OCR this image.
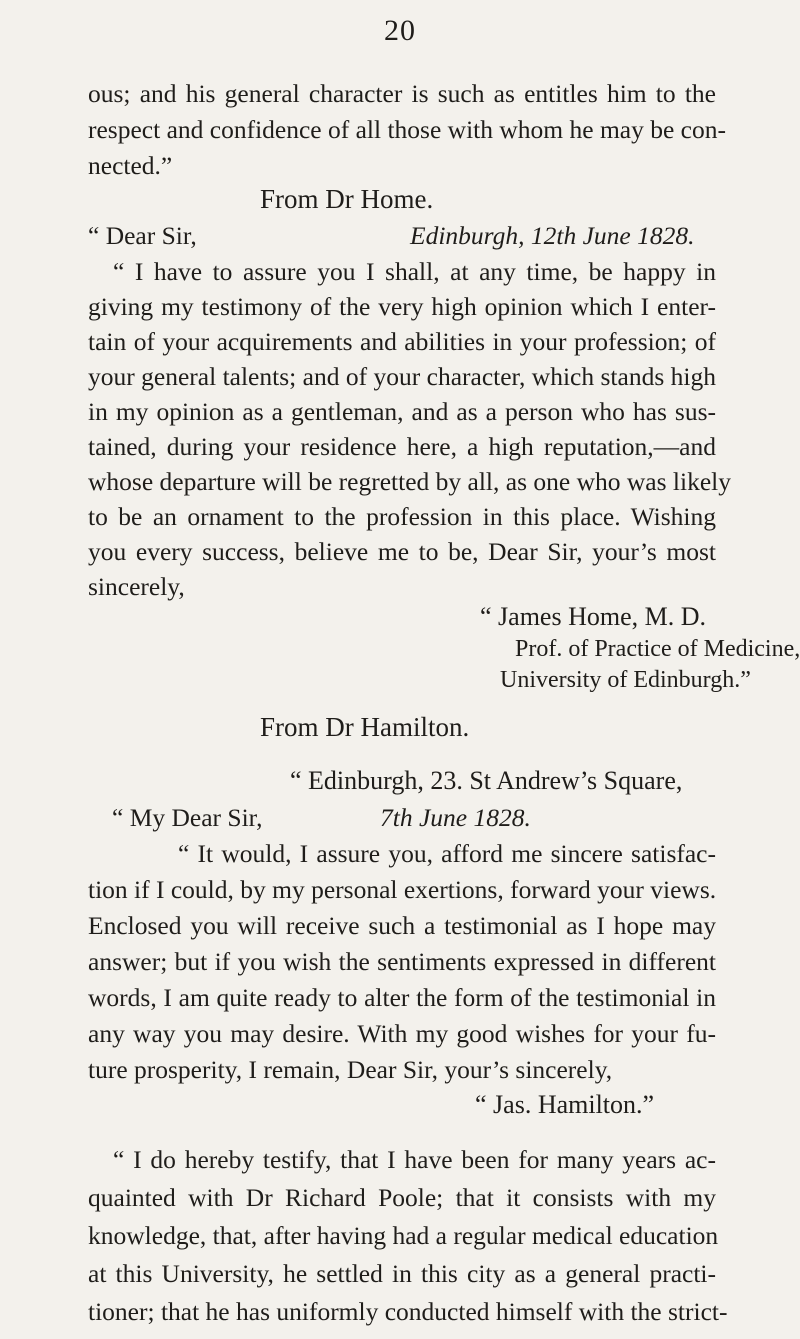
20
ous; and his general character is such as entitles him to the
respect and confidence of all those with whom he may be con-
nected.”
From Dr Home.
“ Dear Sir,	Edinburgh, 12th June 1828.
“ I have to assure you I shall, at any time, be happy in
giving my testimony of the very high opinion which I enter-
tain of your acquirements and abilities in your profession; of
your general talents; and of your character, which stands high
in my opinion as a gentleman, and as a person who has sus-
tained, during your residence here, a high reputation,—and
whose departure will be regretted by all, as one who was likely
to be an ornament to the profession in this place. Wishing
you every success, believe me to be, Dear Sir, your’s most
sincerely,
“ James Home, M. D.
Prof. of Practice of Medicine,
University of Edinburgh.”
From Dr Hamilton.
“ Edinburgh, 23. St Andrew’s Square,
“ My Dear Sir,	7th June 1828.
“ It would, I assure you, afford me sincere satisfac-
tion if I could, by my personal exertions, forward your views.
Enclosed you will receive such a testimonial as I hope may
answer; but if you wish the sentiments expressed in different
words, I am quite ready to alter the form of the testimonial in
any way you may desire. With my good wishes for your fu-
ture prosperity, I remain, Dear Sir, your’s sincerely,
“ Jas. Hamilton.”
“ I do hereby testify, that I have been for many years ac-
quainted with Dr Richard Poole; that it consists with my
knowledge, that, after having had a regular medical education
at this University, he settled in this city as a general practi-
tioner; that he has uniformly conducted himself with the strict-
